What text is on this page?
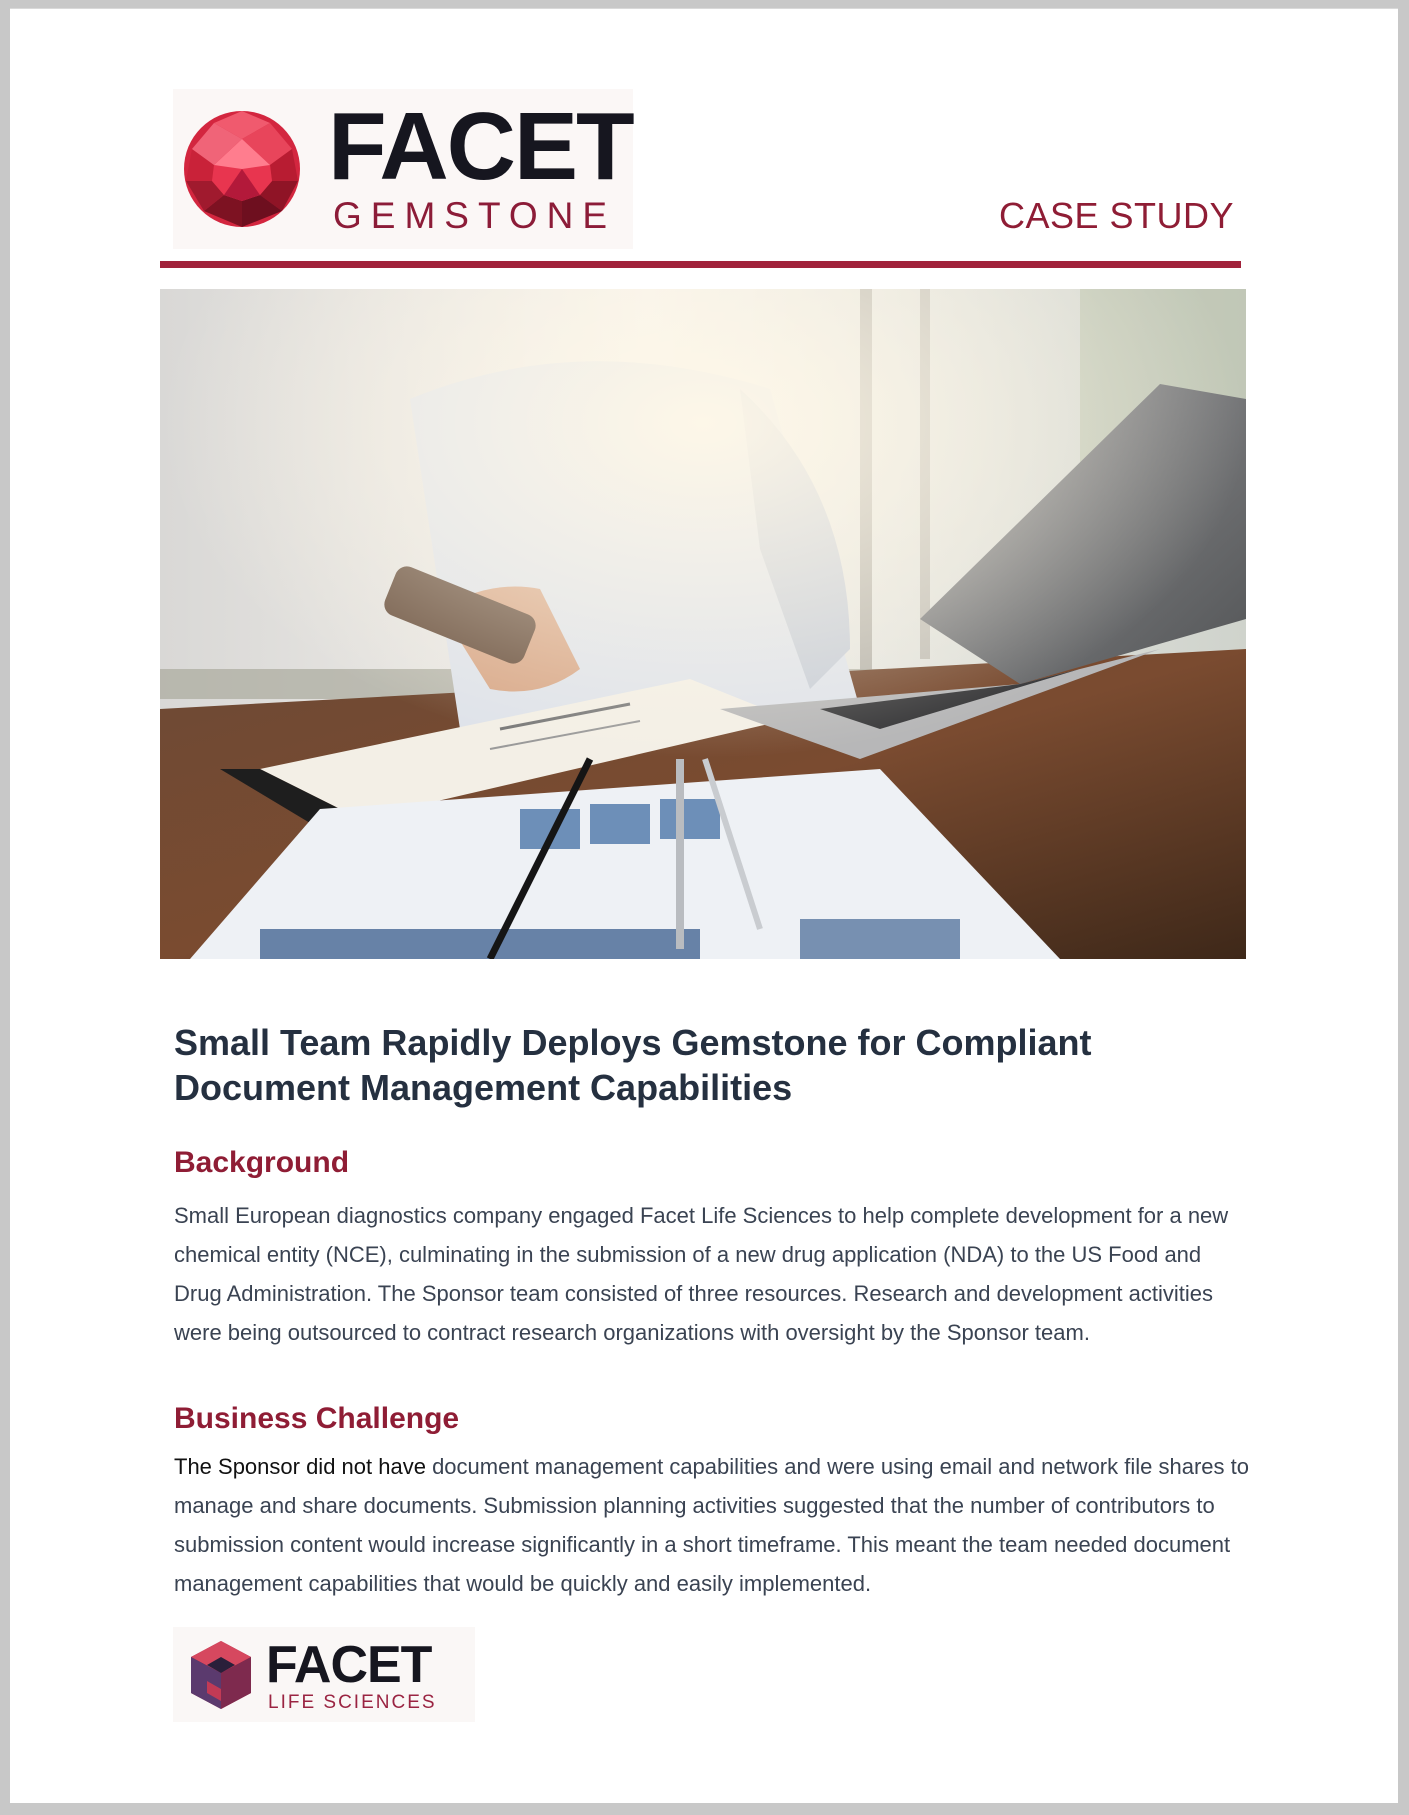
FACET
GEMSTONE	CASE STUDY
Small Team Rapidly Deploys Gemstone for Compliant Document Management Capabilities
Background
Small European diagnostics company engaged Facet Life Sciences to help complete development for a new chemical entity (NCE), culminating in the submission of a new drug application (NDA) to the US Food and Drug Administration. The Sponsor team consisted of three resources. Research and development activities were being outsourced to contract research organizations with oversight by the Sponsor team.
Business Challenge
The Sponsor did not have document management capabilities and were using email and network file shares to manage and share documents. Submission planning activities suggested that the number of contributors to submission content would increase significantly in a short timeframe. This meant the team needed document management capabilities that would be quickly and easily implemented.
FACET
LIFE SCIENCES
